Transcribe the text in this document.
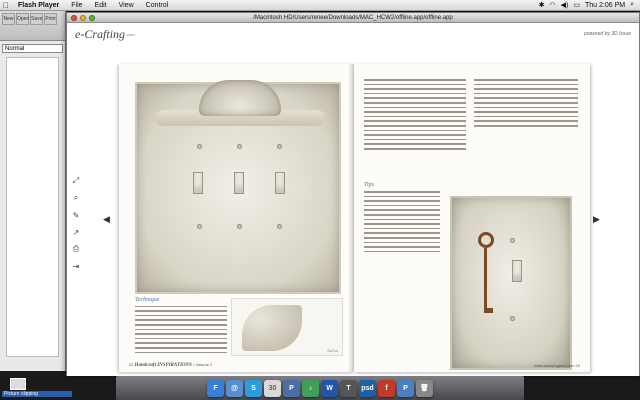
Flash Player	File	Edit	View	Control	✱ ◠ ◀) ▭ Thu 2:06 PM ⌕
New Open Save Print
Normal
/Macintosh HD/Users/renee/Downloads/MAC_HCW2/offline.app/offline.app
e-Crafting .com	powered by 3D Issue
⤢
⌕
✎
↗
⎙
⇥
◀	▶
Technique
Sol Lin
22 Handcraft INSPIRATIONS • Volume 2
Tips
www.amazingtree.com 23
Picture clipping
F	@	S	30	P	♪	W	T	psd	f	P	🗑
